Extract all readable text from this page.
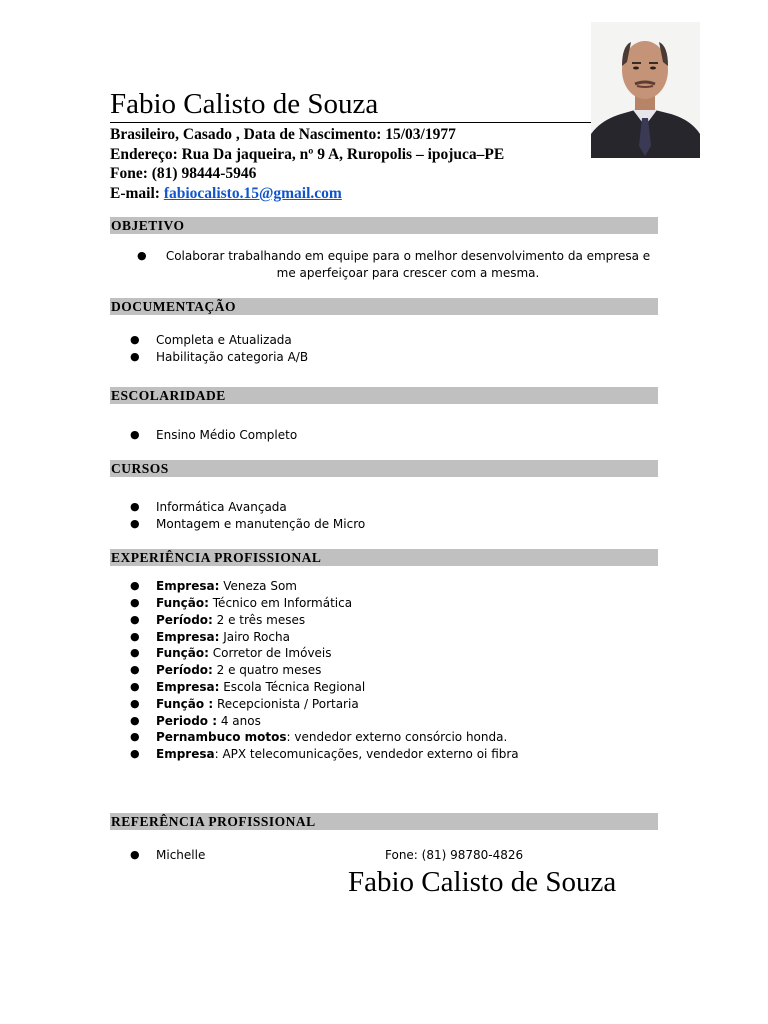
Fabio Calisto de Souza
Brasileiro, Casado , Data de Nascimento: 15/03/1977
Endereço: Rua Da jaqueira, nº 9 A, Ruropolis – ipojuca–PE
Fone: (81) 98444-5946
E-mail: fabiocalisto.15@gmail.com
OBJETIVO
●	Colaborar trabalhando em equipe para o melhor desenvolvimento da empresa e me aperfeiçoar para crescer com a mesma.
DOCUMENTAÇÃO
● Completa e Atualizada
● Habilitação categoria A/B
ESCOLARIDADE
● Ensino Médio Completo
CURSOS
● Informática Avançada
● Montagem e manutenção de Micro
EXPERIÊNCIA PROFISSIONAL
● Empresa: Veneza Som
● Função: Técnico em Informática
● Período: 2 e três meses
● Empresa: Jairo Rocha
● Função: Corretor de Imóveis
● Período: 2 e quatro meses
● Empresa: Escola Técnica Regional
● Função : Recepcionista / Portaria
● Periodo : 4 anos
● Pernambuco motos: vendedor externo consórcio honda.
● Empresa: APX telecomunicações, vendedor externo oi fibra
REFERÊNCIA PROFISSIONAL
● Michelle	Fone: (81) 98780-4826
Fabio Calisto de Souza
